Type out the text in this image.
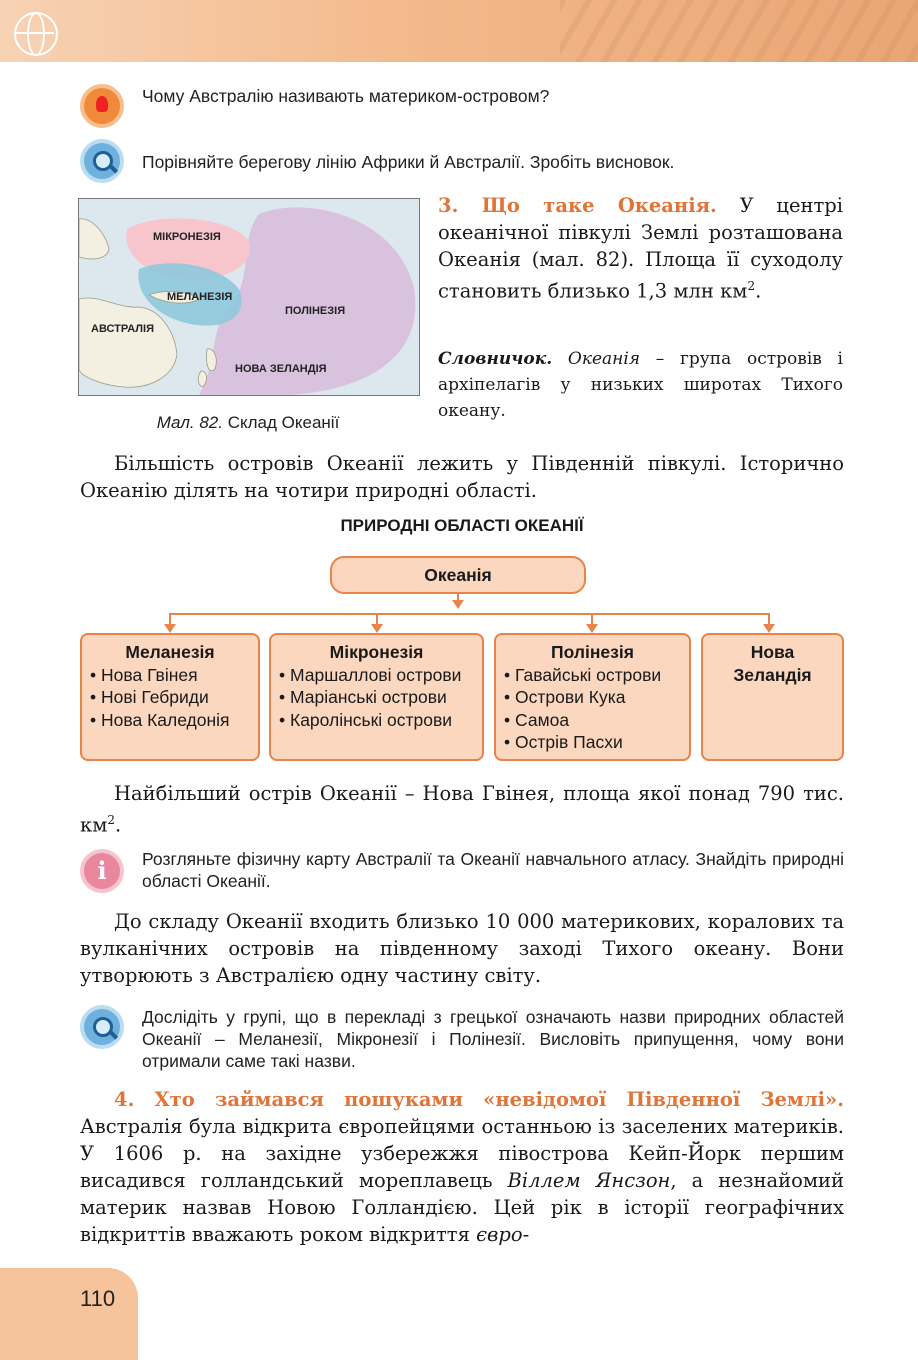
Чому Австралію називають материком-островом?
Порівняйте берегову лінію Африки й Австралії. Зробіть висновок.
МІКРОНЕЗІЯ
МЕЛАНЕЗІЯ
ПОЛІНЕЗІЯ
АВСТРАЛІЯ
НОВА ЗЕЛАНДІЯ
Мал. 82. Склад Океанії
3. Що таке Океанія. У центрі океанічної півкулі Землі розташована Океанія (мал. 82). Площа її суходолу становить близько 1,3 млн $км^2$.
Словничок. Океанія – група островів і архіпелагів у низьких широтах Тихого океану.
Більшість островів Океанії лежить у Південній півкулі. Історично Океанію ділять на чотири природні області.
ПРИРОДНІ ОБЛАСТІ ОКЕАНІЇ
Океанія
Меланезія
• Нова Гвінея
• Нові Гебриди
• Нова Каледонія
Мікронезія
• Маршаллові острови
• Маріанські острови
• Каролінські острови
Полінезія
• Гавайські острови
• Острови Кука
• Самоа
• Острів Пасхи
Нова Зеландія
Найбільший острів Океанії – Нова Гвінея, площа якої понад 790 тис. $км^2$.
i	Розгляньте фізичну карту Австралії та Океанії навчального атласу. Знайдіть природні області Океанії.
До складу Океанії входить близько 10 000 материкових, коралових та вулканічних островів на південному заході Тихого океану. Вони утворюють з Австралією одну частину світу.
Дослідіть у групі, що в перекладі з грецької означають назви природних областей Океанії – Меланезії, Мікронезії і Полінезії. Висловіть припущення, чому вони отримали саме такі назви.
4. Хто займався пошуками «невідомої Південної Землі». Австралія була відкрита європейцями останньою із заселених материків. У 1606 р. на західне узбережжя півострова Кейп-Йорк першим висадився голландський мореплавець Віллем Янсзон, а незнайомий материк назвав Новою Голландією. Цей рік в історії географічних відкриттів вважають роком відкриття євро-
110
